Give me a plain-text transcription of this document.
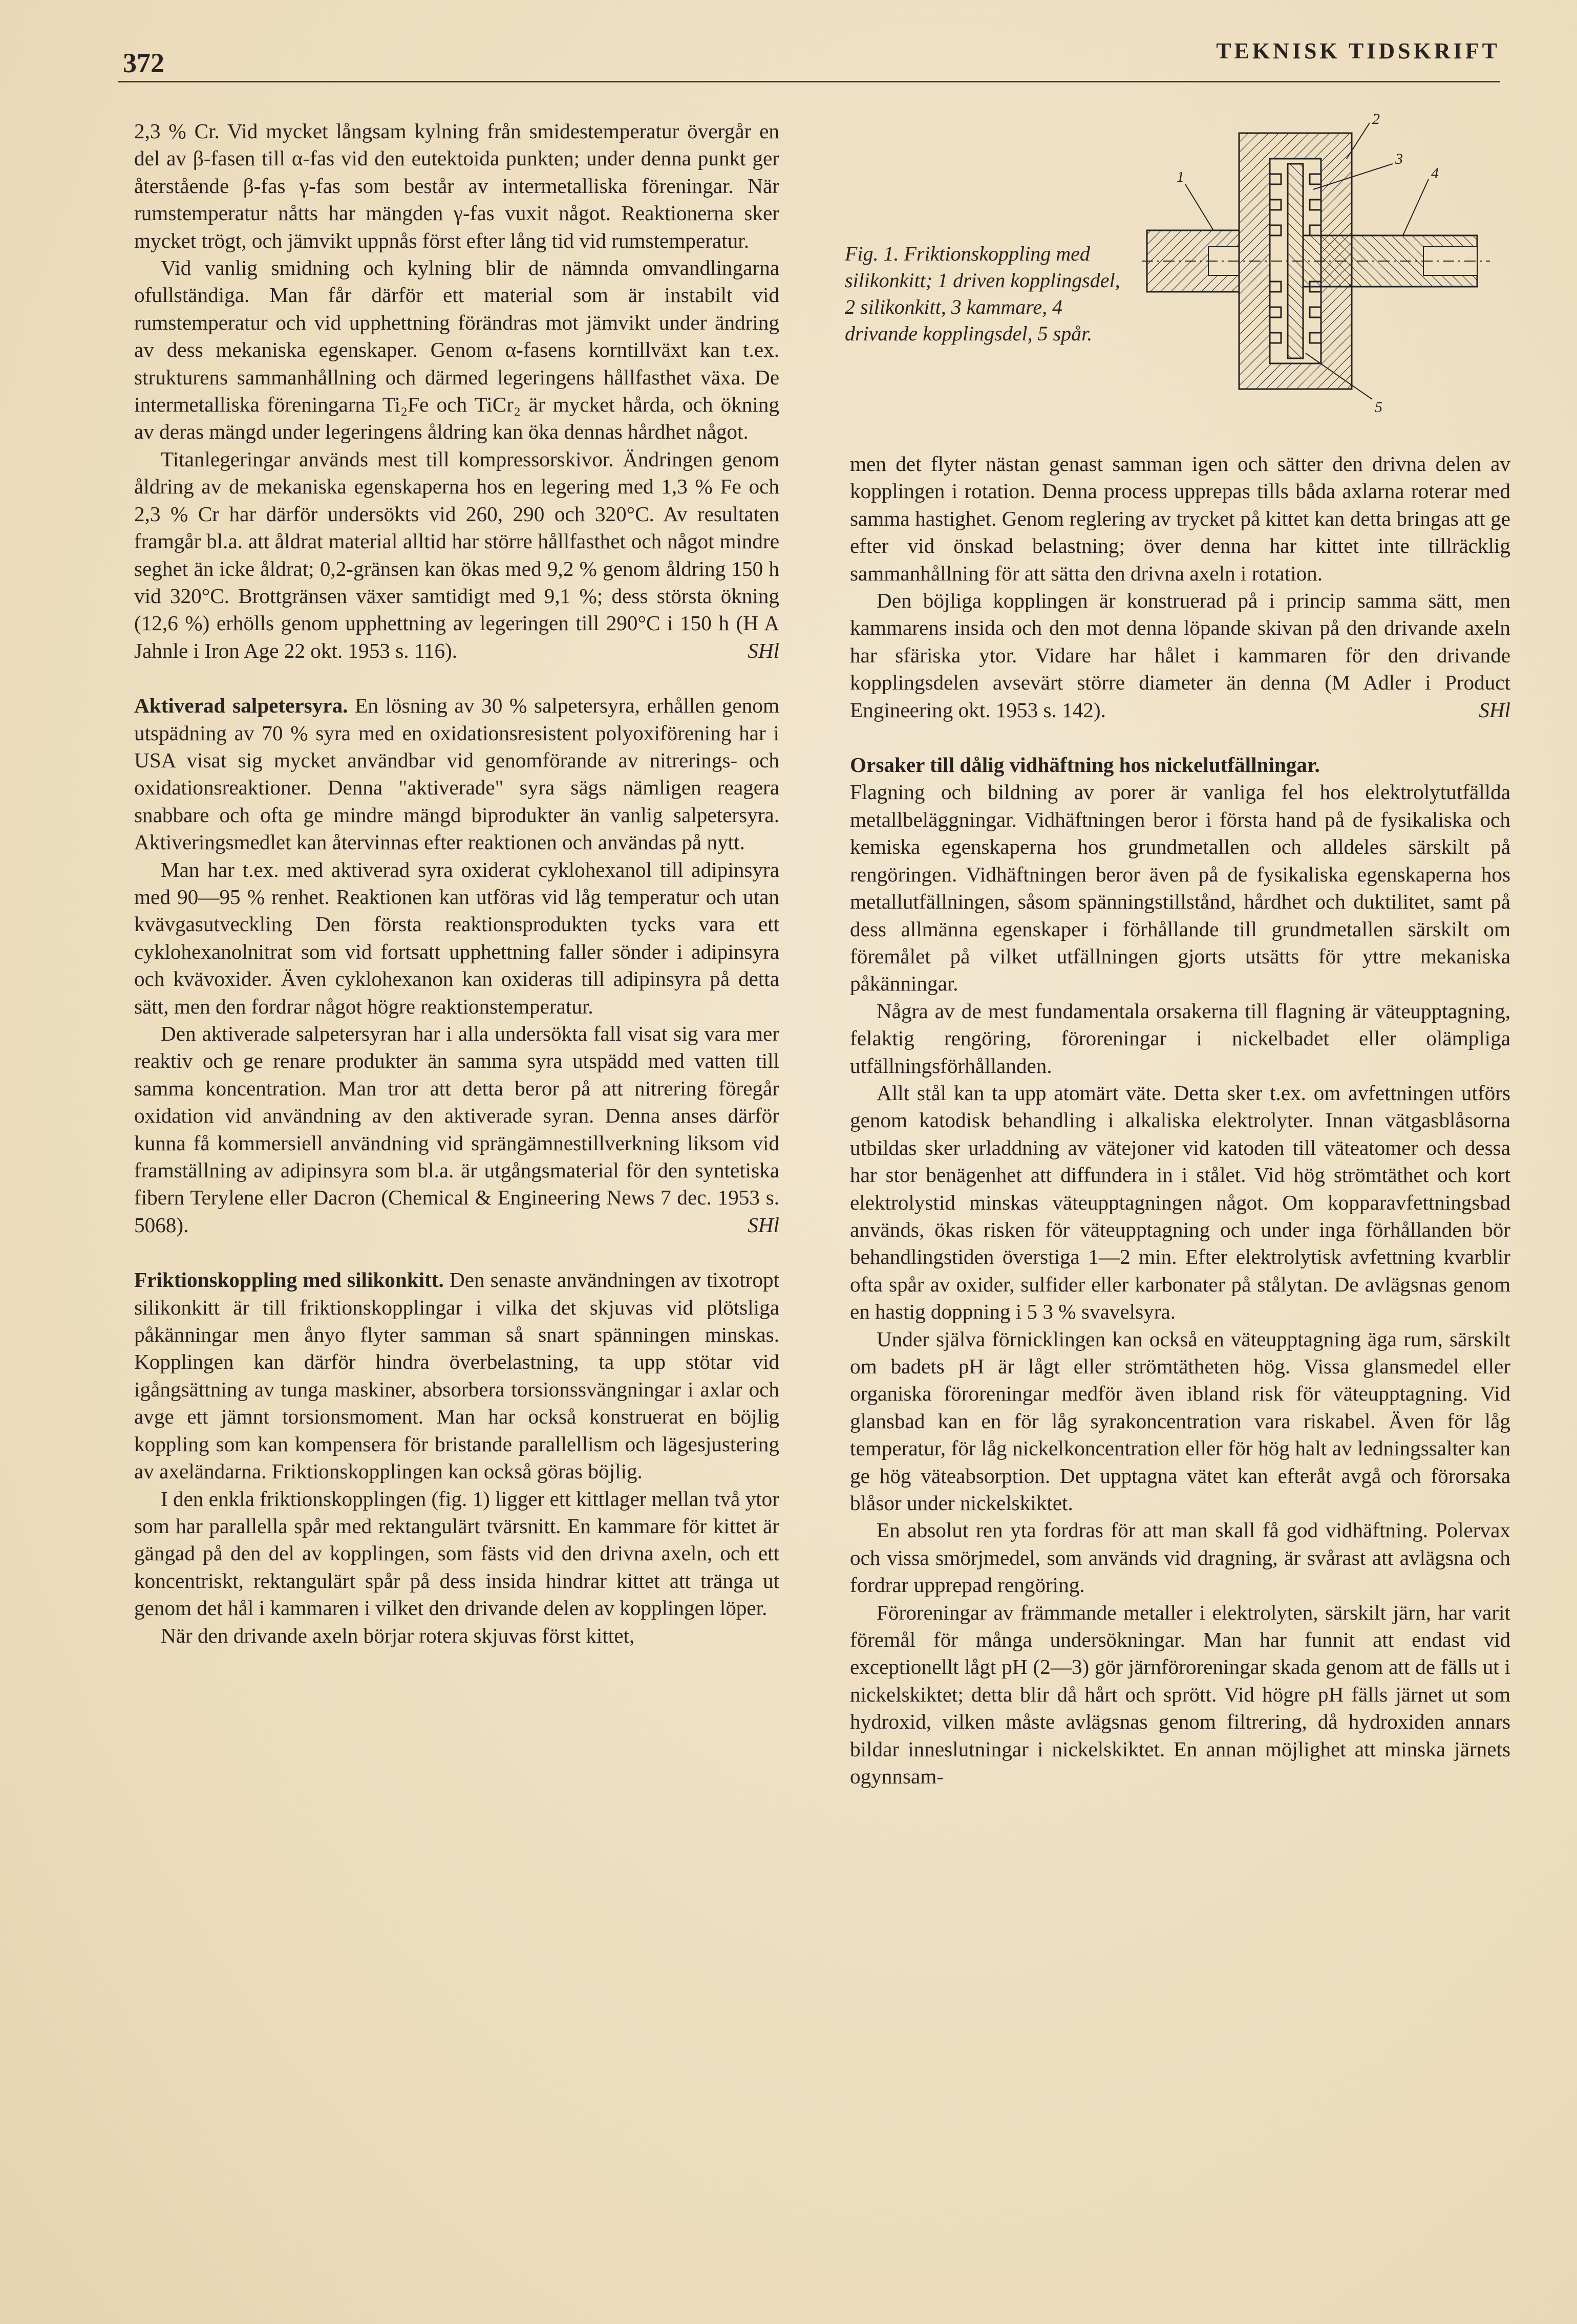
372	TEKNISK TIDSKRIFT
1
2
3
4
5
Fig. 1. Friktionskoppling med silikonkitt; 1 driven kopplingsdel, 2 silikonkitt, 3 kammare, 4 drivande kopplingsdel, 5 spår.

2,3 % Cr. Vid mycket långsam kylning från smidestemperatur övergår en del av β-fasen till α-fas vid den eutektoida punkten; under denna punkt ger återstående β-fas γ-fas som består av intermetalliska föreningar. När rumstemperatur nåtts har mängden γ-fas vuxit något. Reaktionerna sker mycket trögt, och jämvikt uppnås först efter lång tid vid rumstemperatur.

Vid vanlig smidning och kylning blir de nämnda omvandlingarna ofullständiga. Man får därför ett material som är instabilt vid rumstemperatur och vid upphettning förändras mot jämvikt under ändring av dess mekaniska egenskaper. Genom α-fasens korntillväxt kan t.ex. strukturens sammanhållning och därmed legeringens hållfasthet växa. De intermetalliska föreningarna Ti₂Fe och TiCr₂ är mycket hårda, och ökning av deras mängd under legeringens åldring kan öka dennas hårdhet något.

Titanlegeringar används mest till kompressorskivor. Ändringen genom åldring av de mekaniska egenskaperna hos en legering med 1,3 % Fe och 2,3 % Cr har därför undersökts vid 260, 290 och 320°C. Av resultaten framgår bl.a. att åldrat material alltid har större hållfasthet och något mindre seghet än icke åldrat; 0,2-gränsen kan ökas med 9,2 % genom åldring 150 h vid 320°C. Brottgränsen växer samtidigt med 9,1 %; dess största ökning (12,6 %) erhölls genom upphettning av legeringen till 290°C i 150 h (H A Jahnle i Iron Age 22 okt. 1953 s. 116).	SHl

Aktiverad salpetersyra. En lösning av 30 % salpetersyra, erhållen genom utspädning av 70 % syra med en oxidationsresistent polyoxiförening har i USA visat sig mycket användbar vid genomförande av nitrerings- och oxidationsreaktioner. Denna "aktiverade" syra sägs nämligen reagera snabbare och ofta ge mindre mängd biprodukter än vanlig salpetersyra. Aktiveringsmedlet kan återvinnas efter reaktionen och användas på nytt.

Man har t.ex. med aktiverad syra oxiderat cyklohexanol till adipinsyra med 90—95 % renhet. Reaktionen kan utföras vid låg temperatur och utan kvävgasutveckling Den första reaktionsprodukten tycks vara ett cyklohexanolnitrat som vid fortsatt upphettning faller sönder i adipinsyra och kvävoxider. Även cyklohexanon kan oxideras till adipinsyra på detta sätt, men den fordrar något högre reaktionstemperatur.

Den aktiverade salpetersyran har i alla undersökta fall visat sig vara mer reaktiv och ge renare produkter än samma syra utspädd med vatten till samma koncentration. Man tror att detta beror på att nitrering föregår oxidation vid användning av den aktiverade syran. Denna anses därför kunna få kommersiell användning vid sprängämnestillverkning liksom vid framställning av adipinsyra som bl.a. är utgångsmaterial för den syntetiska fibern Terylene eller Dacron (Chemical & Engineering News 7 dec. 1953 s. 5068).	SHl

Friktionskoppling med silikonkitt. Den senaste användningen av tixotropt silikonkitt är till friktionskopplingar i vilka det skjuvas vid plötsliga påkänningar men ånyo flyter samman så snart spänningen minskas. Kopplingen kan därför hindra överbelastning, ta upp stötar vid igångsättning av tunga maskiner, absorbera torsionssvängningar i axlar och avge ett jämnt torsionsmoment. Man har också konstruerat en böjlig koppling som kan kompensera för bristande parallellism och lägesjustering av axeländarna. Friktionskopplingen kan också göras böjlig.

I den enkla friktionskopplingen (fig. 1) ligger ett kittlager mellan två ytor som har parallella spår med rektangulärt tvärsnitt. En kammare för kittet är gängad på den del av kopplingen, som fästs vid den drivna axeln, och ett koncentriskt, rektangulärt spår på dess insida hindrar kittet att tränga ut genom det hål i kammaren i vilket den drivande delen av kopplingen löper.

När den drivande axeln börjar rotera skjuvas först kittet,

men det flyter nästan genast samman igen och sätter den drivna delen av kopplingen i rotation. Denna process upprepas tills båda axlarna roterar med samma hastighet. Genom reglering av trycket på kittet kan detta bringas att ge efter vid önskad belastning; över denna har kittet inte tillräcklig sammanhållning för att sätta den drivna axeln i rotation.

Den böjliga kopplingen är konstruerad på i princip samma sätt, men kammarens insida och den mot denna löpande skivan på den drivande axeln har sfäriska ytor. Vidare har hålet i kammaren för den drivande kopplingsdelen avsevärt större diameter än denna (M Adler i Product Engineering okt. 1953 s. 142).	SHl

Orsaker till dålig vidhäftning hos nickelutfällningar.

Flagning och bildning av porer är vanliga fel hos elektrolytutfällda metallbeläggningar. Vidhäftningen beror i första hand på de fysikaliska och kemiska egenskaperna hos grundmetallen och alldeles särskilt på rengöringen. Vidhäftningen beror även på de fysikaliska egenskaperna hos metallutfällningen, såsom spänningstillstånd, hårdhet och duktilitet, samt på dess allmänna egenskaper i förhållande till grundmetallen särskilt om föremålet på vilket utfällningen gjorts utsätts för yttre mekaniska påkänningar.

Några av de mest fundamentala orsakerna till flagning är väteupptagning, felaktig rengöring, föroreningar i nickelbadet eller olämpliga utfällningsförhållanden.

Allt stål kan ta upp atomärt väte. Detta sker t.ex. om avfettningen utförs genom katodisk behandling i alkaliska elektrolyter. Innan vätgasblåsorna utbildas sker urladdning av vätejoner vid katoden till väteatomer och dessa har stor benägenhet att diffundera in i stålet. Vid hög strömtäthet och kort elektrolystid minskas väteupptagningen något. Om kopparavfettningsbad används, ökas risken för väteupptagning och under inga förhållanden bör behandlingstiden överstiga 1—2 min. Efter elektrolytisk avfettning kvarblir ofta spår av oxider, sulfider eller karbonater på stålytan. De avlägsnas genom en hastig doppning i 5 3 % svavelsyra.

Under själva förnicklingen kan också en väteupptagning äga rum, särskilt om badets pH är lågt eller strömtätheten hög. Vissa glansmedel eller organiska föroreningar medför även ibland risk för väteupptagning. Vid glansbad kan en för låg syrakoncentration vara riskabel. Även för låg temperatur, för låg nickelkoncentration eller för hög halt av ledningssalter kan ge hög väteabsorption. Det upptagna vätet kan efteråt avgå och förorsaka blåsor under nickelskiktet.

En absolut ren yta fordras för att man skall få god vidhäftning. Polervax och vissa smörjmedel, som används vid dragning, är svårast att avlägsna och fordrar upprepad rengöring.

Föroreningar av främmande metaller i elektrolyten, särskilt järn, har varit föremål för många undersökningar. Man har funnit att endast vid exceptionellt lågt pH (2—3) gör järnföroreningar skada genom att de fälls ut i nickelskiktet; detta blir då hårt och sprött. Vid högre pH fälls järnet ut som hydroxid, vilken måste avlägsnas genom filtrering, då hydroxiden annars bildar inneslutningar i nickelskiktet. En annan möjlighet att minska järnets ogynnsam-
